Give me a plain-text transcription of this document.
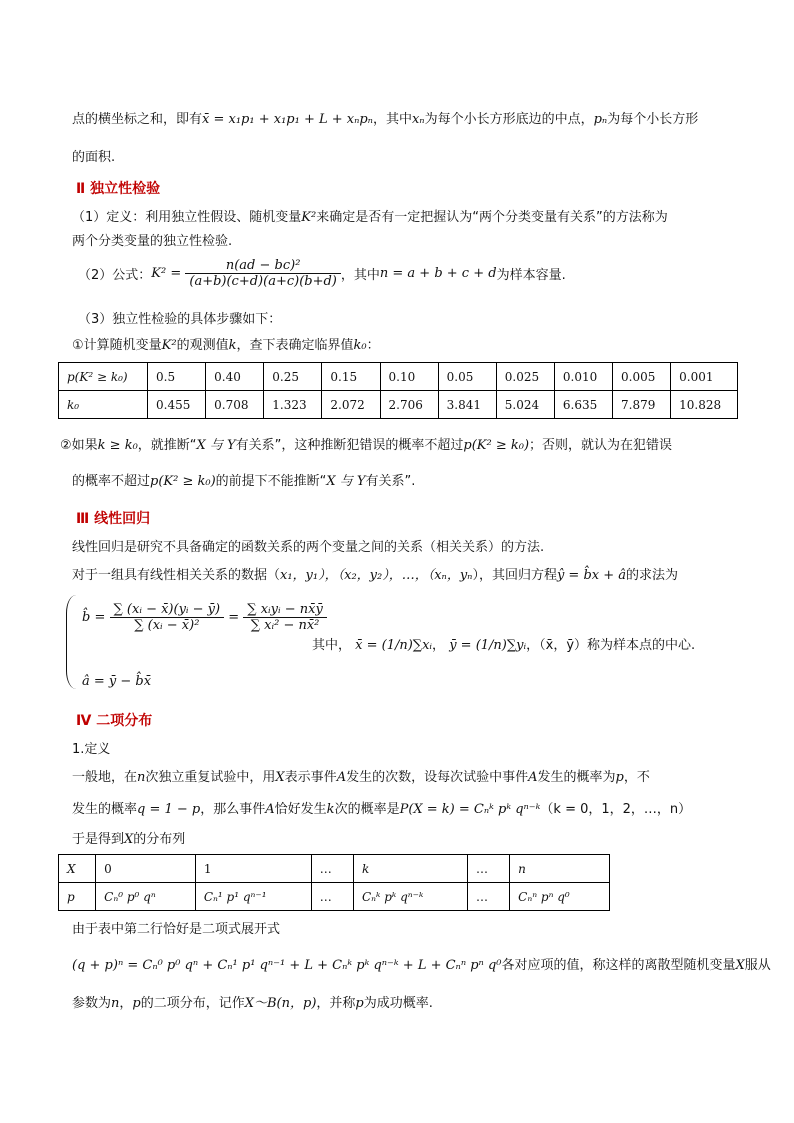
点的横坐标之和，即有x̄ = x₁p₁ + x₁p₁ + L + xₙpₙ，其中xₙ为每个小长方形底边的中点，pₙ为每个小长方形
的面积.
Ⅱ 独立性检验
（1）定义：利用独立性假设、随机变量K²来确定是否有一定把握认为“两个分类变量有关系”的方法称为
两个分类变量的独立性检验.
（2）公式：$K^2 = \frac{\text{n(ad − bc)²}}{(a+b)(c+d)(a+c)(b+d)}$ ，其中n = a + b + c + d为样本容量.
（3）独立性检验的具体步骤如下：
①计算随机变量K²的观测值k，查下表确定临界值k₀：
p(K² ≥ k₀)	0.5	0.40	0.25	0.15	0.10	0.05	0.025	0.010	0.005	0.001
k₀	0.455	0.708	1.323	2.072	2.706	3.841	5.024	6.635	7.879	10.828
②如果k ≥ k₀，就推断“X 与 Y有关系”，这种推断犯错误的概率不超过p(K² ≥ k₀)；否则，就认为在犯错误
的概率不超过p(K² ≥ k₀)的前提下不能推断“X 与 Y有关系”.
Ⅲ 线性回归
线性回归是研究不具备确定的函数关系的两个变量之间的关系（相关关系）的方法.
对于一组具有线性相关关系的数据（x₁，y₁），（x₂，y₂），…，（xₙ，yₙ），其回归方程ŷ = b̂x + â的求法为
b̂ = $\frac{\text{∑ (xᵢ − x̄)(yᵢ − ȳ)}}{\text{∑ (xᵢ − x̄)²}} = \frac{\text{∑ xᵢyᵢ − nx̄ȳ}}{\text{∑ xᵢ² − nx̄²}}$
其中， x̄ = (1/n)∑xᵢ， ȳ = (1/n)∑yᵢ，（x̄，ȳ）称为样本点的中心.
â = ȳ − b̂x̄
Ⅳ 二项分布
1.定义
一般地，在n次独立重复试验中，用X表示事件A发生的次数，设每次试验中事件A发生的概率为p，不
发生的概率q = 1 − p，那么事件A恰好发生k次的概率是P(X = k) = Cₙᵏ pᵏ qⁿ⁻ᵏ（k = 0，1，2，…，n）
于是得到X的分布列
X	0	1	…	k	…	n
p	Cₙ⁰ p⁰ qⁿ	Cₙ¹ p¹ qⁿ⁻¹	…	Cₙᵏ pᵏ qⁿ⁻ᵏ	…	Cₙⁿ pⁿ q⁰
由于表中第二行恰好是二项式展开式
(q + p)ⁿ = Cₙ⁰ p⁰ qⁿ + Cₙ¹ p¹ qⁿ⁻¹ + L + Cₙᵏ pᵏ qⁿ⁻ᵏ + L + Cₙⁿ pⁿ q⁰各对应项的值，称这样的离散型随机变量X服从
参数为n，p的二项分布，记作X～B(n，p)，并称p为成功概率.
